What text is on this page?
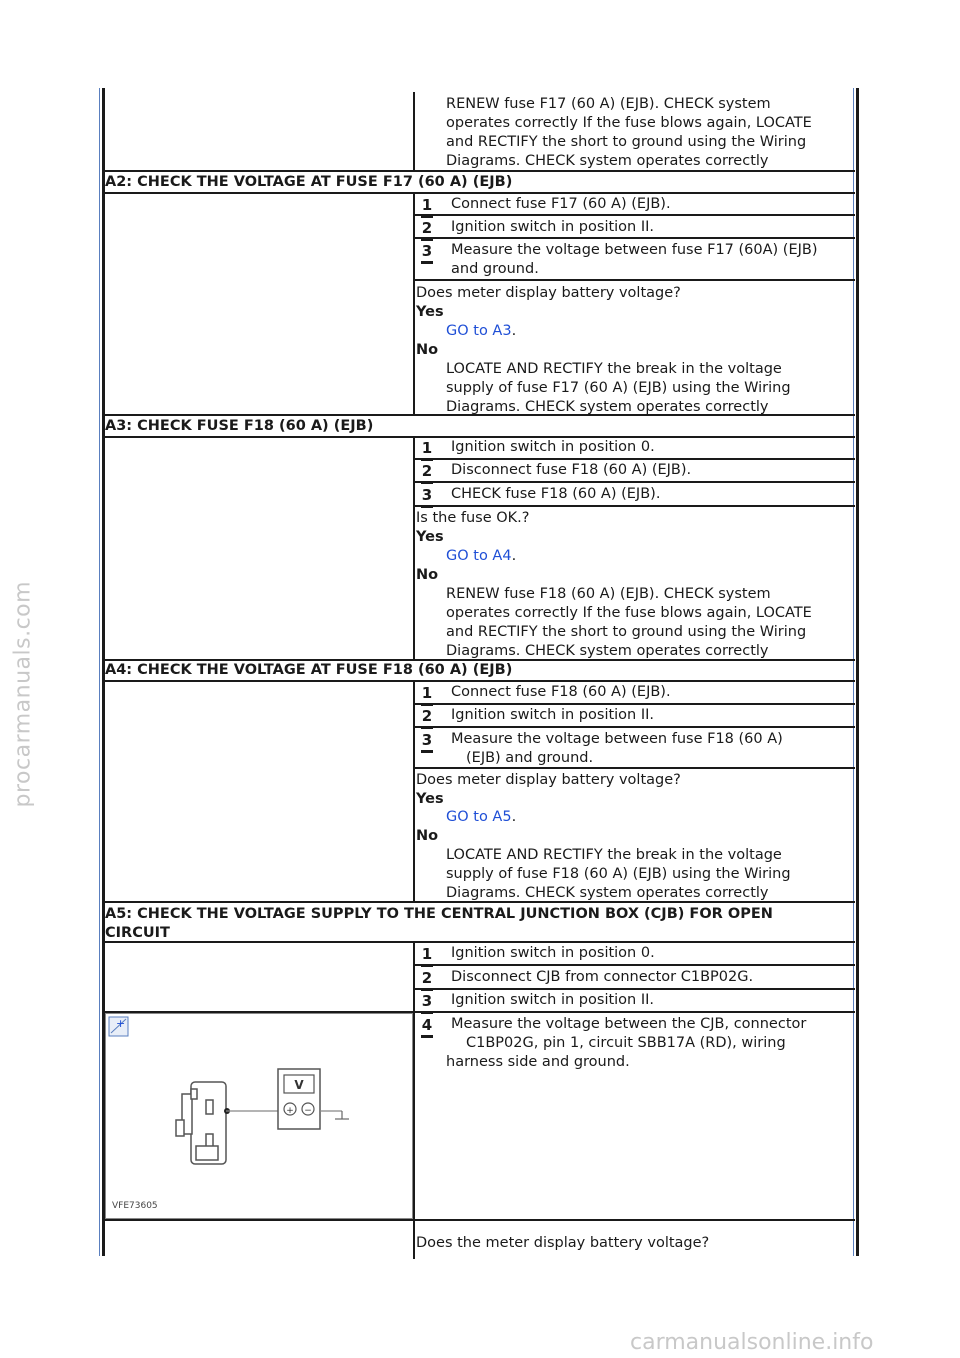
RENEW fuse F17 (60 A) (EJB). CHECK system
operates correctly If the fuse blows again, LOCATE
and RECTIFY the short to ground using the Wiring
Diagrams. CHECK system operates correctly
A2: CHECK THE VOLTAGE AT FUSE F17 (60 A) (EJB)
1 Connect fuse F17 (60 A) (EJB).
2 Ignition switch in position II.
3 Measure the voltage between fuse F17 (60A) (EJB)
and ground.
Does meter display battery voltage?
Yes
GO to A3.
No
LOCATE AND RECTIFY the break in the voltage
supply of fuse F17 (60 A) (EJB) using the Wiring
Diagrams. CHECK system operates correctly
A3: CHECK FUSE F18 (60 A) (EJB)
1 Ignition switch in position 0.
2 Disconnect fuse F18 (60 A) (EJB).
3 CHECK fuse F18 (60 A) (EJB).
Is the fuse OK.?
Yes
GO to A4.
No
RENEW fuse F18 (60 A) (EJB). CHECK system
operates correctly If the fuse blows again, LOCATE
and RECTIFY the short to ground using the Wiring
Diagrams. CHECK system operates correctly
A4: CHECK THE VOLTAGE AT FUSE F18 (60 A) (EJB)
1 Connect fuse F18 (60 A) (EJB).
2 Ignition switch in position II.
3 Measure the voltage between fuse F18 (60 A)
(EJB) and ground.
Does meter display battery voltage?
Yes
GO to A5.
No
LOCATE AND RECTIFY the break in the voltage
supply of fuse F18 (60 A) (EJB) using the Wiring
Diagrams. CHECK system operates correctly
A5: CHECK THE VOLTAGE SUPPLY TO THE CENTRAL JUNCTION BOX (CJB) FOR OPEN
CIRCUIT
1 Ignition switch in position 0.
2 Disconnect CJB from connector C1BP02G.
3 Ignition switch in position II.
4 Measure the voltage between the CJB, connector
C1BP02G, pin 1, circuit SBB17A (RD), wiring
harness side and ground.
+
V
+ −
VFE73605
Does the meter display battery voltage?
procarmanuals.com
carmanualsonline.info
